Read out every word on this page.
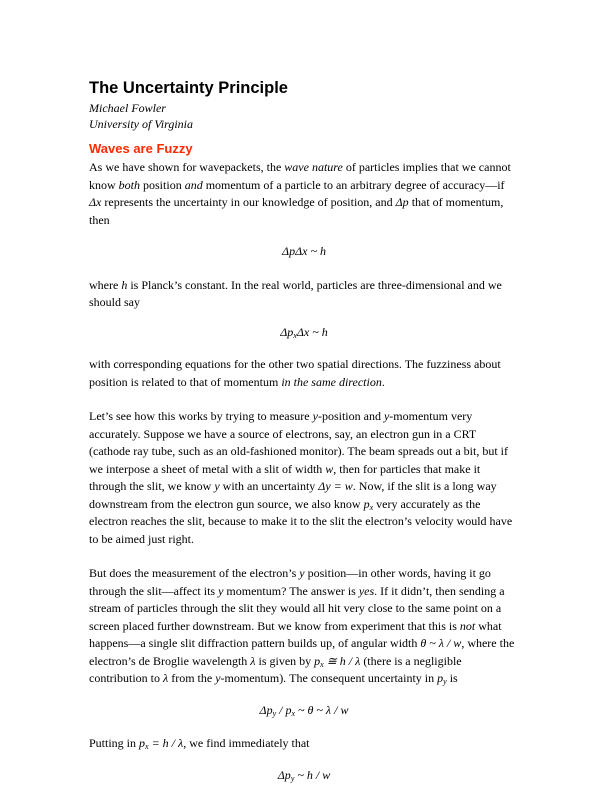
The Uncertainty Principle
Michael Fowler
University of Virginia
Waves are Fuzzy

As we have shown for wavepackets, the wave nature of particles implies that we cannot know both position and momentum of a particle to an arbitrary degree of accuracy—if Δx represents the uncertainty in our knowledge of position, and Δp that of momentum, then

ΔpΔx ~ h

where h is Planck’s constant. In the real world, particles are three-dimensional and we should say

$\Delta p_x\Delta x$ ~ h

with corresponding equations for the other two spatial directions. The fuzziness about position is related to that of momentum in the same direction.

Let’s see how this works by trying to measure y-position and y-momentum very accurately. Suppose we have a source of electrons, say, an electron gun in a CRT (cathode ray tube, such as an old-fashioned monitor). The beam spreads out a bit, but if we interpose a sheet of metal with a slit of width w, then for particles that make it through the slit, we know y with an uncertainty Δy = w. Now, if the slit is a long way downstream from the electron gun source, we also know $p_x$ very accurately as the electron reaches the slit, because to make it to the slit the electron’s velocity would have to be aimed just right.

But does the measurement of the electron’s y position—in other words, having it go through the slit—affect its y momentum? The answer is yes. If it didn’t, then sending a stream of particles through the slit they would all hit very close to the same point on a screen placed further downstream. But we know from experiment that this is not what happens—a single slit diffraction pattern builds up, of angular width θ ~ λ / w, where the electron’s de Broglie wavelength λ is given by $p_x$ ≅ h / λ (there is a negligible contribution to λ from the y-momentum). The consequent uncertainty in $p_y$ is

$\Delta p_y / p_x$ ~ θ ~ λ / w

Putting in $p_x = h / \lambda$, we find immediately that

$\Delta p_y$ ~ h / w
